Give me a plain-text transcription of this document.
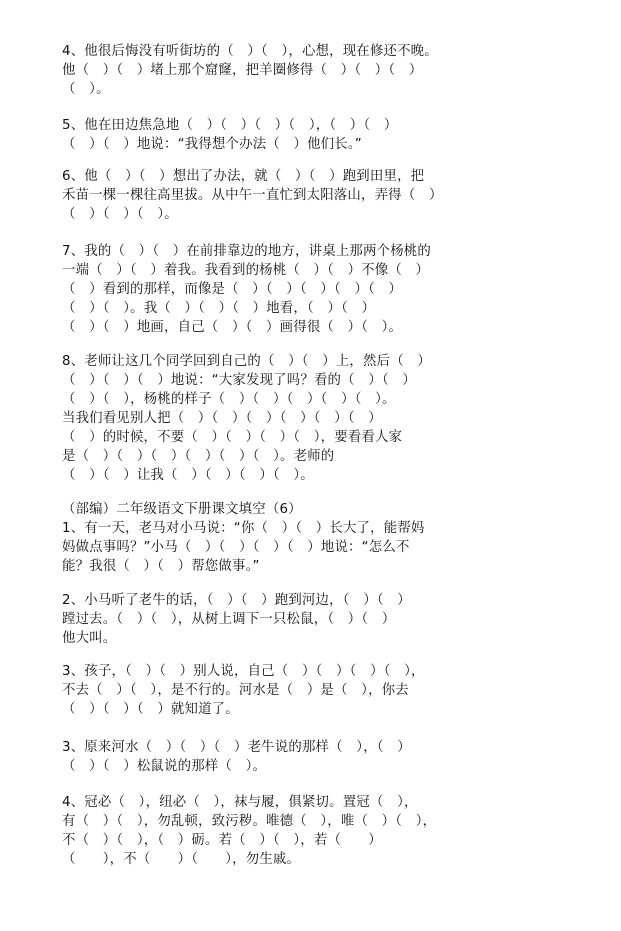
4、他很后悔没有听街坊的（　）（　），心想，现在修还不晚。
他（　）（　）堵上那个窟窿，把羊圈修得（　）（　）（　）
（　）。
5、他在田边焦急地（　）（　）（　）（　），（　）（　）
（　）（　）地说：“我得想个办法（　）他们长。”
6、他（　）（　）想出了办法，就（　）（　）跑到田里，把
禾苗一棵一棵往高里拔。从中午一直忙到太阳落山，弄得（　）
（　）（　）（　）。
7、我的（　）（　）在前排靠边的地方，讲桌上那两个杨桃的
一端（　）（　）着我。我看到的杨桃（　）（　）不像（　）
（　）看到的那样，而像是（　）（　）（　）（　）（　）
（　）（　）。我（　）（　）（　）地看，（　）（　）
（　）（　）地画，自己（　）（　）画得很（　）（　）。
8、老师让这几个同学回到自己的（　）（　）上，然后（　）
（　）（　）（　）地说：“大家发现了吗？看的（　）（　）
（　）（　），杨桃的样子（　）（　）（　）（　）（　）。
当我们看见别人把（　）（　）（　）（　）（　）（　）
（　）的时候，不要（　）（　）（　）（　），要看看人家
是（　）（　）（　）（　）（　）（　）。老师的
（　）（　）让我（　）（　）（　）（　）。
（部编）二年级语文下册课文填空（6）
1、有一天，老马对小马说：“你（　）（　）长大了，能帮妈
妈做点事吗？”小马（　）（　）（　）（　）地说：“怎么不
能？我很（　）（　）帮您做事。”
2、小马听了老牛的话，（　）（　）跑到河边，（　）（　）
蹚过去。（　）（　），从树上调下一只松鼠，（　）（　）
他大叫。
3、孩子，（　）（　）别人说，自己（　）（　）（　）（　），
不去（　）（　），是不行的。河水是（　）是（　），你去
（　）（　）（　）就知道了。
3、原来河水（　）（　）（　）老牛说的那样（　），（　）
（　）（　）松鼠说的那样（　）。
4、冠必（　），纽必（　），袜与履，俱紧切。置冠（　），
有（　）（　），勿乱顿，致污秽。唯德（　），唯（　）（　），
不（　）（　），（　）砺。若（　）（　），若（　　）
（　　），不（　　）（　　），勿生戚。
